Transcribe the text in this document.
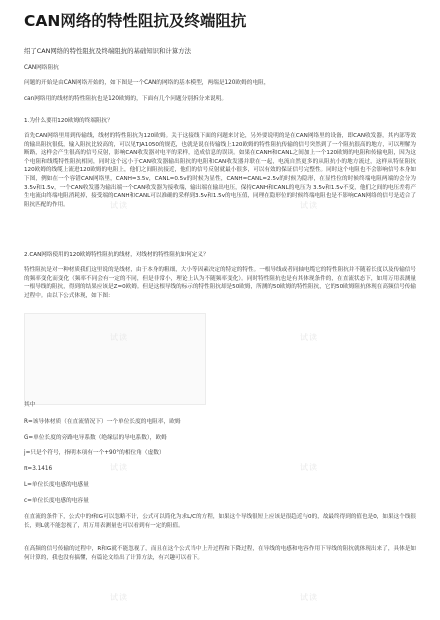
CAN网络的特性阻抗及终端阻抗
绍了CAN网络的特性阻抗及终端阻抗的基础知识和计算方法
CAN网络阻抗
问题的开始是由CAN网络开始的，如下图是一个CAN的网络的基本模型，两端是120欧姆的电阻，
can网络用的线材的特性阻抗也是120欧姆的，下面有几个问题分别拆分来说明。
1.为什么要用120欧姆的终端阻抗？
首先CAN网络里用到传输线，线材的特性阻抗为120欧姆。关于这接线下面的问题来讨论，另外要说明的是在CAN网络里的设备，即CAN收发器，其内部等效的输出阻抗很低，输入阻抗比较高的，可以见TJA1050的规范，也就是说在传输线上120欧姆的特性阻抗传输的信号突然到了一个阻抗很高的地方，可以理解为断路，这样会产生很高的信号反射，影响CAN收发器对电平的采样，造成信息的误读。如果在CANH和CANL之间加上一个120欧姆的电阻和传输电阻，因为这个电阻和线缆特性阻抗相同，同时这个远小于CAN收发器输出阻抗的电阻和CAN收发器并联在一起，电流自然更多的从阻抗小的地方流过，这样从特征阻抗120欧姆的线缆上流进120欧姆的电阻上，他们之间阻抗接近，他们的信号反射就最小很多，可以有效的保证信号完整性。同时这个电阻也不会影响信号本身如下图，例如在一个容错CAN网络里，CANH=3.5v，CANL=0.5v的时候为显性，CANH=CANL=2.5v的时候为隐形，在显性位的时候终端电阻两端的会分为3.5v和1.5v，一个CAN收发器为输出端一个CAN收发器为接收端，输出端在输出电压，保持CANH和CANL的电压为 3.5v和1.5v不变，他们之间的电压差将产生电流由终端电阻消耗掉，接受端的CANH和CANL可以准确的采样到3.5v和1.5v的电压值，同理在隐形位的时候终端电阻也是不影响CAN网络的信号是适合了阻抗匹配的作用。
2.CAN网络使用的120欧姆特性阻抗的线材，对线材的特性阻抗如何定义？
特性阻抗是对一种材质我们这里说的是线材，由于本身的粗细，大小等因素决定的特定的特性。一根导线或者同轴电缆它的特性阻抗并不随着长度以及传输信号的频率变化而变化（频率不同会有一定的不同，但是非常小，理论上认为不随频率变化）。同时特性阻抗也是有其体现条件的，在直流状态下，如用万用表测量一根导线的阻抗，得到的结果应该是Z=0欧姆。但是这根导线的标示的特性阻抗却是50欧姆，所测的50欧姆的特性阻抗，它的50欧姆阻抗体现在高频信号传输过程中。由以下公式体现，如下图：
其中
R=该导体材质（在直流情况下）一个单位长度的电阻率，欧姆
G=单位长度的旁路电导系数（绝缘层的导电系数），欧姆
j=只是个符号，指明本项有一个+90°的相位角（虚数）
π=3.1416
L=单位长度电感的电感量
c=单位长度电感的电容量
在直流的条件下，公式中的f和G可以忽略不计，公式可以简化为求L/C的方程，如果这个导线很短上应该是很趋近与0的，故最终得到的值也是0，如果这个线很长，则L就不能忽视了，用万用表测量也可以看到有一定的阻值。
在高频的信号传输的过程中，R和G就不能忽视了，而且在这个公式当中上升过程和下降过程，在导线的电感和电容作用下导线的阻抗就体现出来了，具体是如何计算的，我也没有搞懂，有篇论文给出了计算方法，有兴趣可以看下。
试读	试读
试读	试读
试读	试读
试读	试读
